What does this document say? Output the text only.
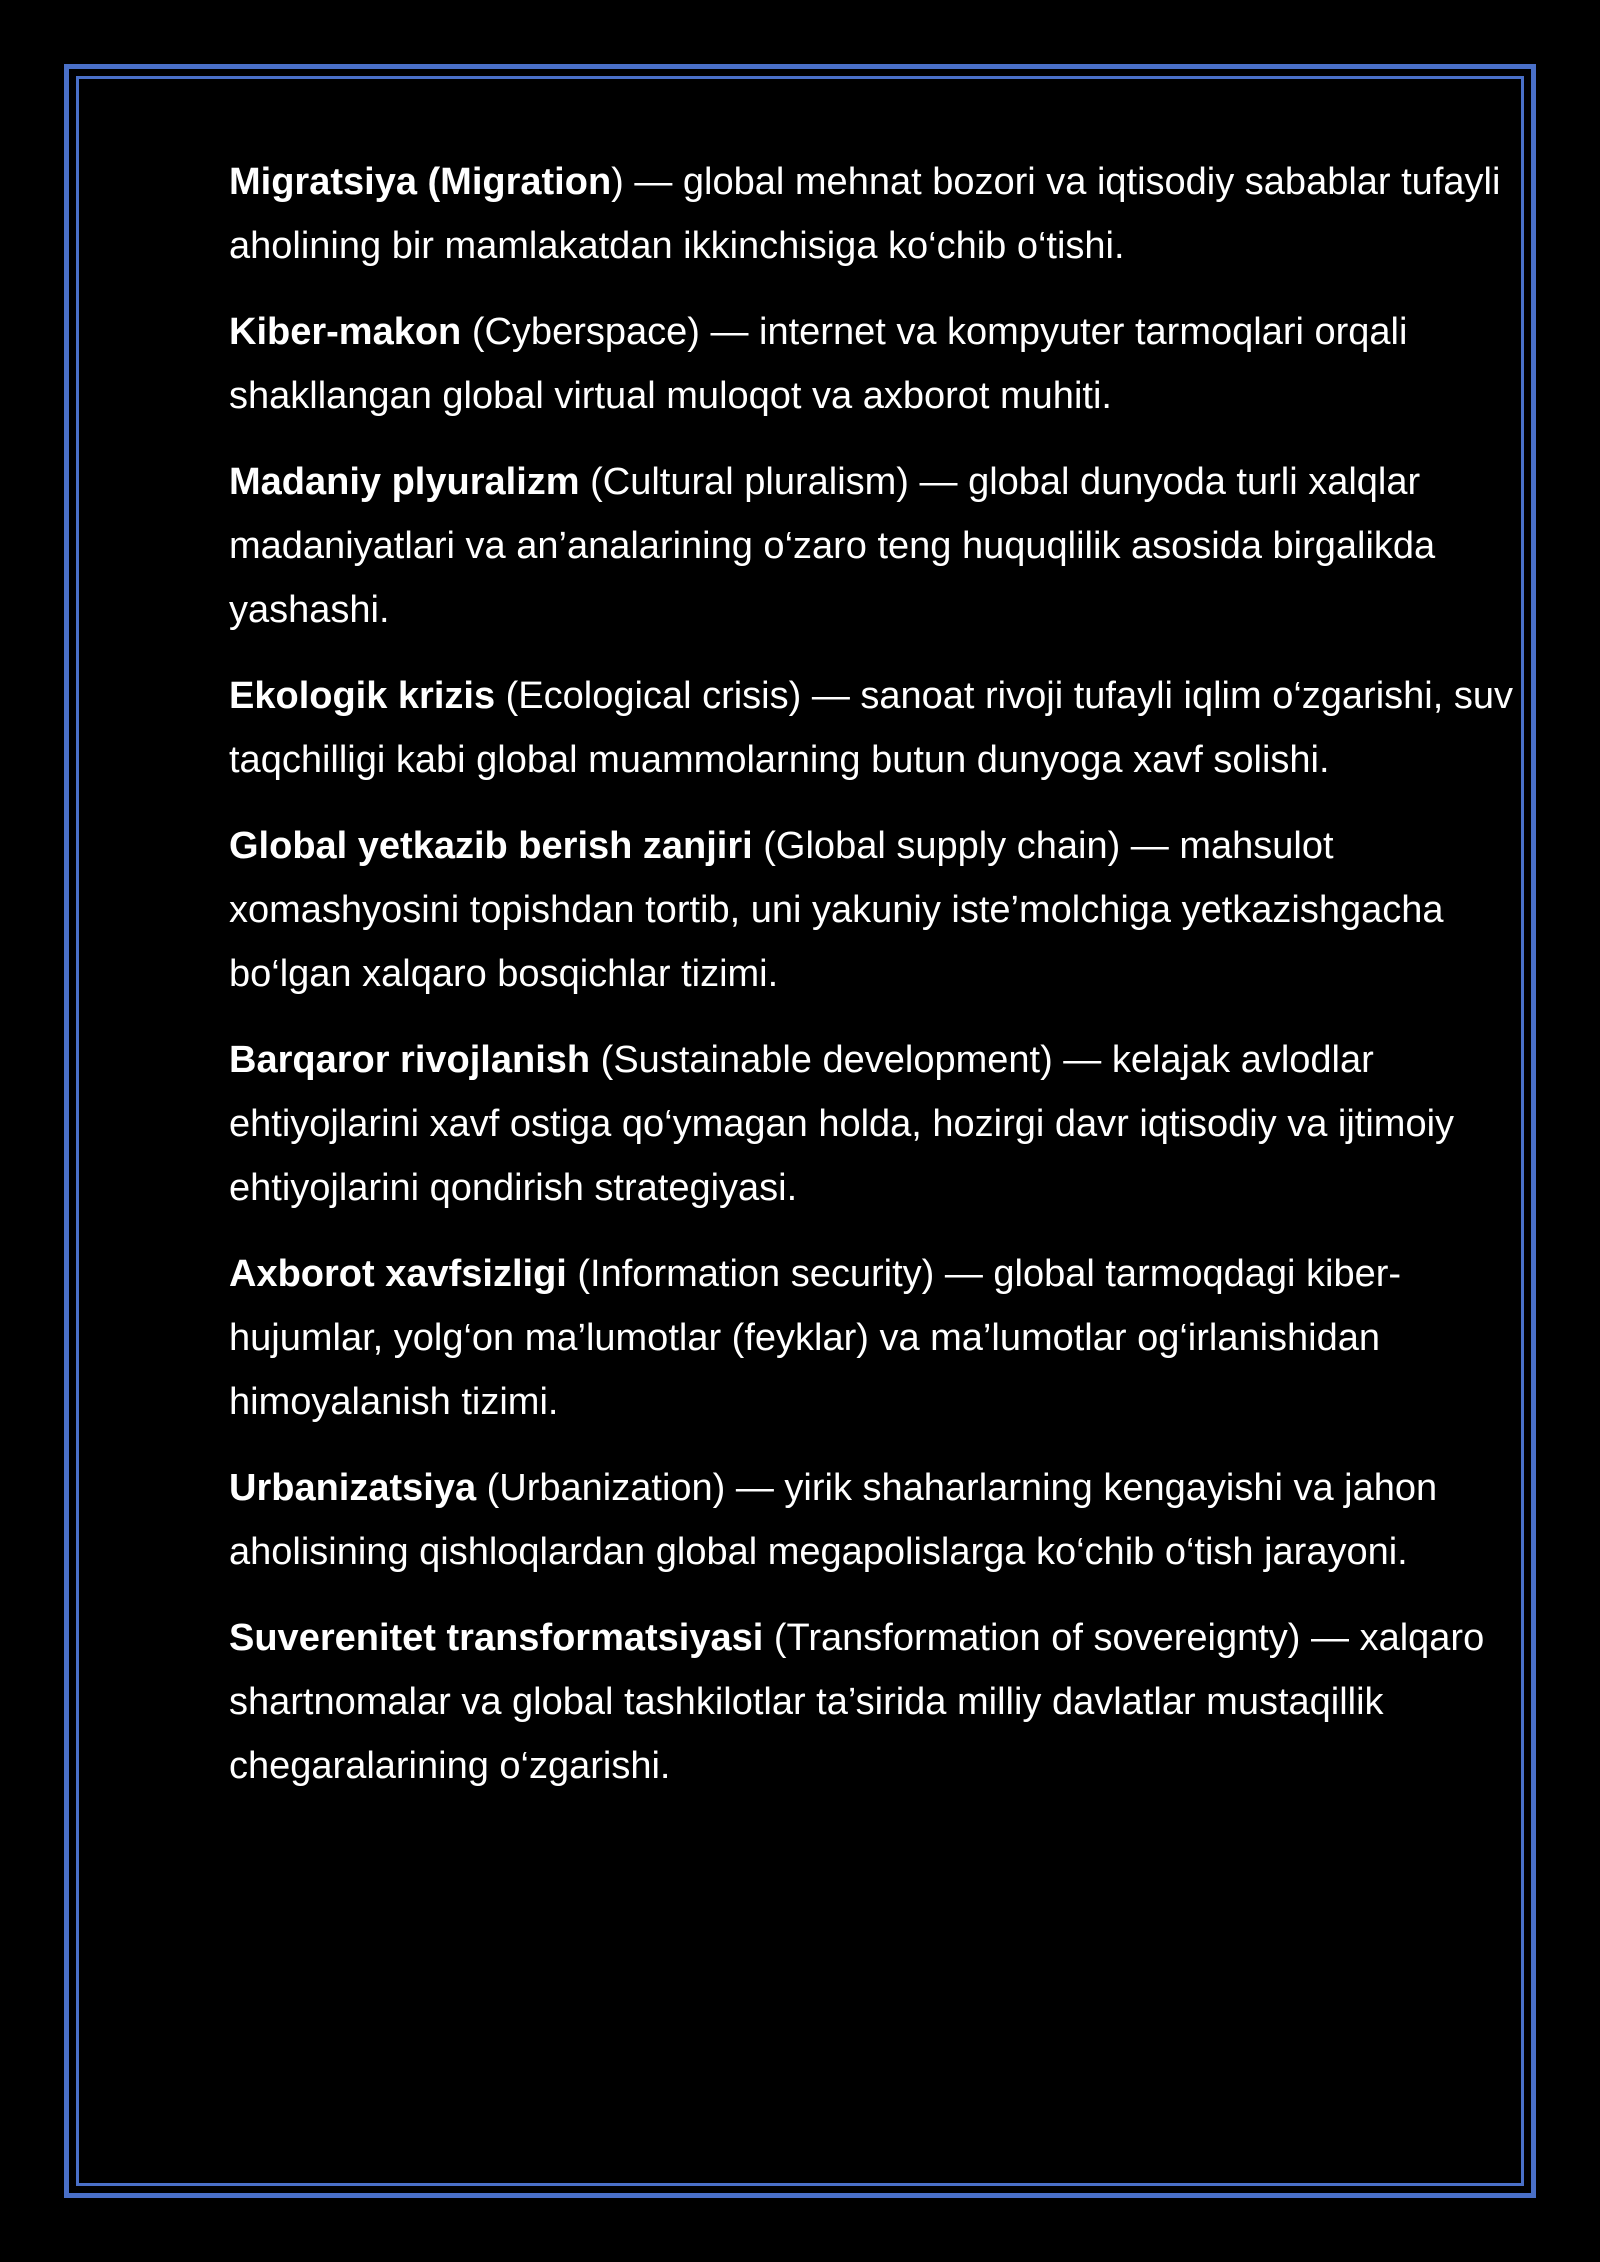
Migratsiya (Migration) — global mehnat bozori va iqtisodiy sabablar tufayli aholining bir mamlakatdan ikkinchisiga ko‘chib o‘tishi.

Kiber-makon (Cyberspace) — internet va kompyuter tarmoqlari orqali shakllangan global virtual muloqot va axborot muhiti.

Madaniy plyuralizm (Cultural pluralism) — global dunyoda turli xalqlar madaniyatlari va an’analarining o‘zaro teng huquqlilik asosida birgalikda yashashi.

Ekologik krizis (Ecological crisis) — sanoat rivoji tufayli iqlim o‘zgarishi, suv taqchilligi kabi global muammolarning butun dunyoga xavf solishi.

Global yetkazib berish zanjiri (Global supply chain) — mahsulot xomashyosini topishdan tortib, uni yakuniy iste’molchiga yetkazishgacha bo‘lgan xalqaro bosqichlar tizimi.

Barqaror rivojlanish (Sustainable development) — kelajak avlodlar ehtiyojlarini xavf ostiga qo‘ymagan holda, hozirgi davr iqtisodiy va ijtimoiy ehtiyojlarini qondirish strategiyasi.

Axborot xavfsizligi (Information security) — global tarmoqdagi kiber-hujumlar, yolg‘on ma’lumotlar (feyklar) va ma’lumotlar og‘irlanishidan himoyalanish tizimi.

Urbanizatsiya (Urbanization) — yirik shaharlarning kengayishi va jahon aholisining qishloqlardan global megapolislarga ko‘chib o‘tish jarayoni.

Suverenitet transformatsiyasi (Transformation of sovereignty) — xalqaro shartnomalar va global tashkilotlar ta’sirida milliy davlatlar mustaqillik chegaralarining o‘zgarishi.
